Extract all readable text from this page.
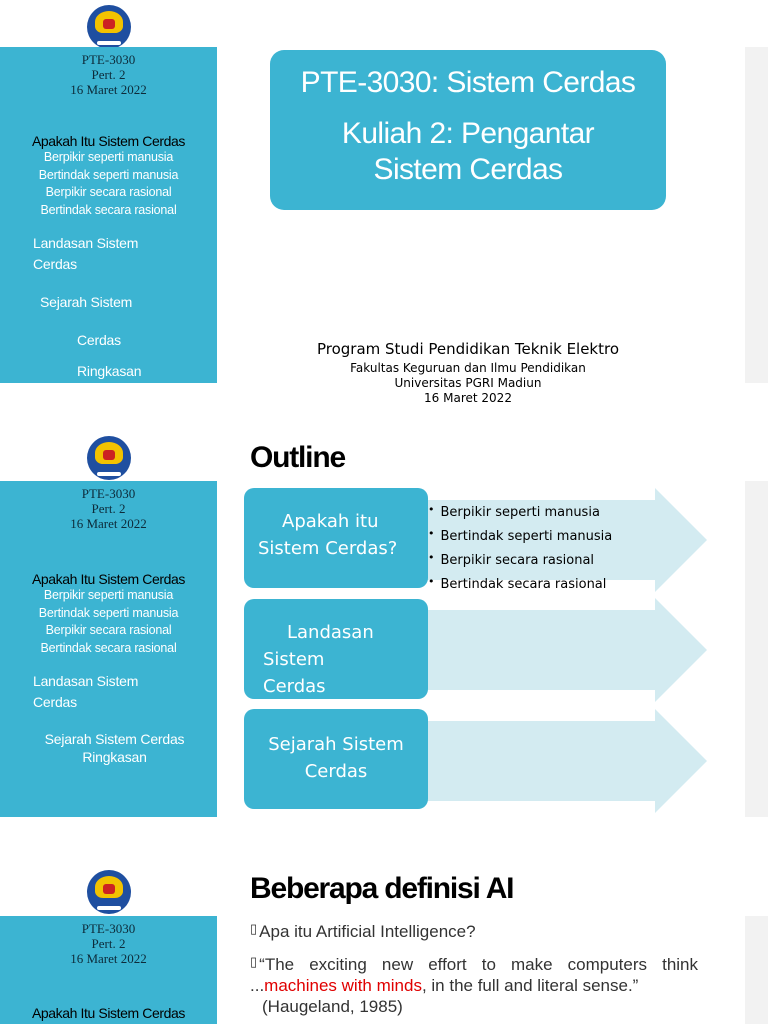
PTE-3030
Pert. 2
16 Maret 2022
Apakah Itu Sistem Cerdas
Berpikir seperti manusia
Bertindak seperti manusia
Berpikir secara rasional
Bertindak secara rasional
Landasan Sistem Cerdas
Sejarah Sistem
Cerdas
Ringkasan
PTE-3030: Sistem Cerdas
Kuliah 2: Pengantar
Sistem Cerdas
Program Studi Pendidikan Teknik Elektro
Fakultas Keguruan dan Ilmu Pendidikan
Universitas PGRI Madiun
16 Maret 2022
PTE-3030
Pert. 2
16 Maret 2022
Apakah Itu Sistem Cerdas
Berpikir seperti manusia
Bertindak seperti manusia
Berpikir secara rasional
Bertindak secara rasional
Landasan Sistem Cerdas
Sejarah Sistem Cerdas
Ringkasan
Outline
Apakah itu Sistem Cerdas?
Landasan Sistem Cerdas
Sejarah Sistem Cerdas
• Berpikir seperti manusia
• Bertindak seperti manusia
• Berpikir secara rasional
• Bertindak secara rasional
PTE-3030
Pert. 2
16 Maret 2022
Apakah Itu Sistem Cerdas
Beberapa definisi AI
▯ Apa itu Artificial Intelligence?
▯ “The exciting new effort to make computers think ...machines with minds, in the full and literal sense.”
(Haugeland, 1985)
